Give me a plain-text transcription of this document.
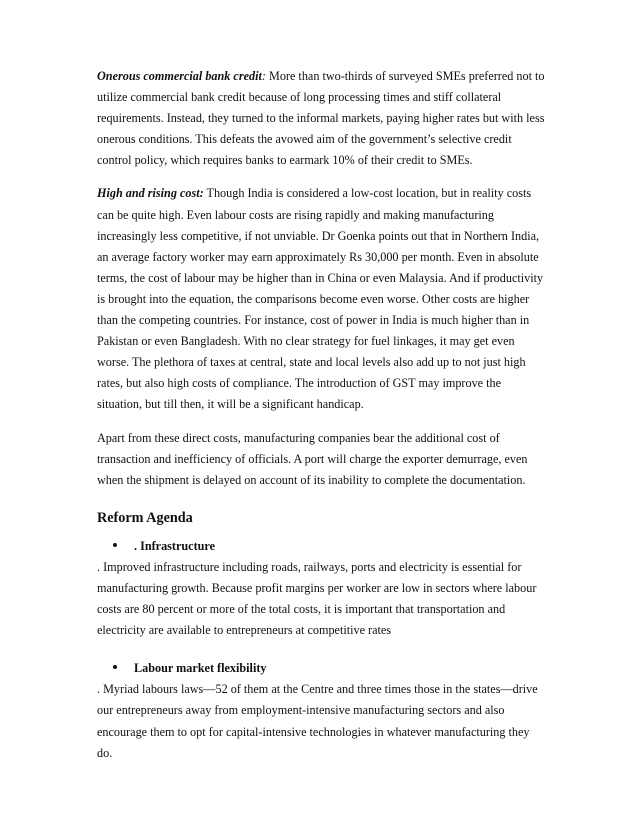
Onerous commercial bank credit: More than two-thirds of surveyed SMEs preferred not to utilize commercial bank credit because of long processing times and stiff collateral requirements. Instead, they turned to the informal markets, paying higher rates but with less onerous conditions. This defeats the avowed aim of the government’s selective credit control policy, which requires banks to earmark 10% of their credit to SMEs.

High and rising cost: Though India is considered a low-cost location, but in reality costs can be quite high. Even labour costs are rising rapidly and making manufacturing increasingly less competitive, if not unviable. Dr Goenka points out that in Northern India, an average factory worker may earn approximately Rs 30,000 per month. Even in absolute terms, the cost of labour may be higher than in China or even Malaysia. And if productivity is brought into the equation, the comparisons become even worse. Other costs are higher than the competing countries. For instance, cost of power in India is much higher than in Pakistan or even Bangladesh. With no clear strategy for fuel linkages, it may get even worse. The plethora of taxes at central, state and local levels also add up to not just high rates, but also high costs of compliance. The introduction of GST may improve the situation, but till then, it will be a significant handicap.

Apart from these direct costs, manufacturing companies bear the additional cost of transaction and inefficiency of officials. A port will charge the exporter demurrage, even when the shipment is delayed on account of its inability to complete the documentation.

Reform Agenda
. Infrastructure

. Improved infrastructure including roads, railways, ports and electricity is essential for manufacturing growth. Because profit margins per worker are low in sectors where labour costs are 80 percent or more of the total costs, it is important that transportation and electricity are available to entrepreneurs at competitive rates

Labour market flexibility

. Myriad labours laws—52 of them at the Centre and three times those in the states—drive our entrepreneurs away from employment-intensive manufacturing sectors and also encourage them to opt for capital-intensive technologies in whatever manufacturing they do.
